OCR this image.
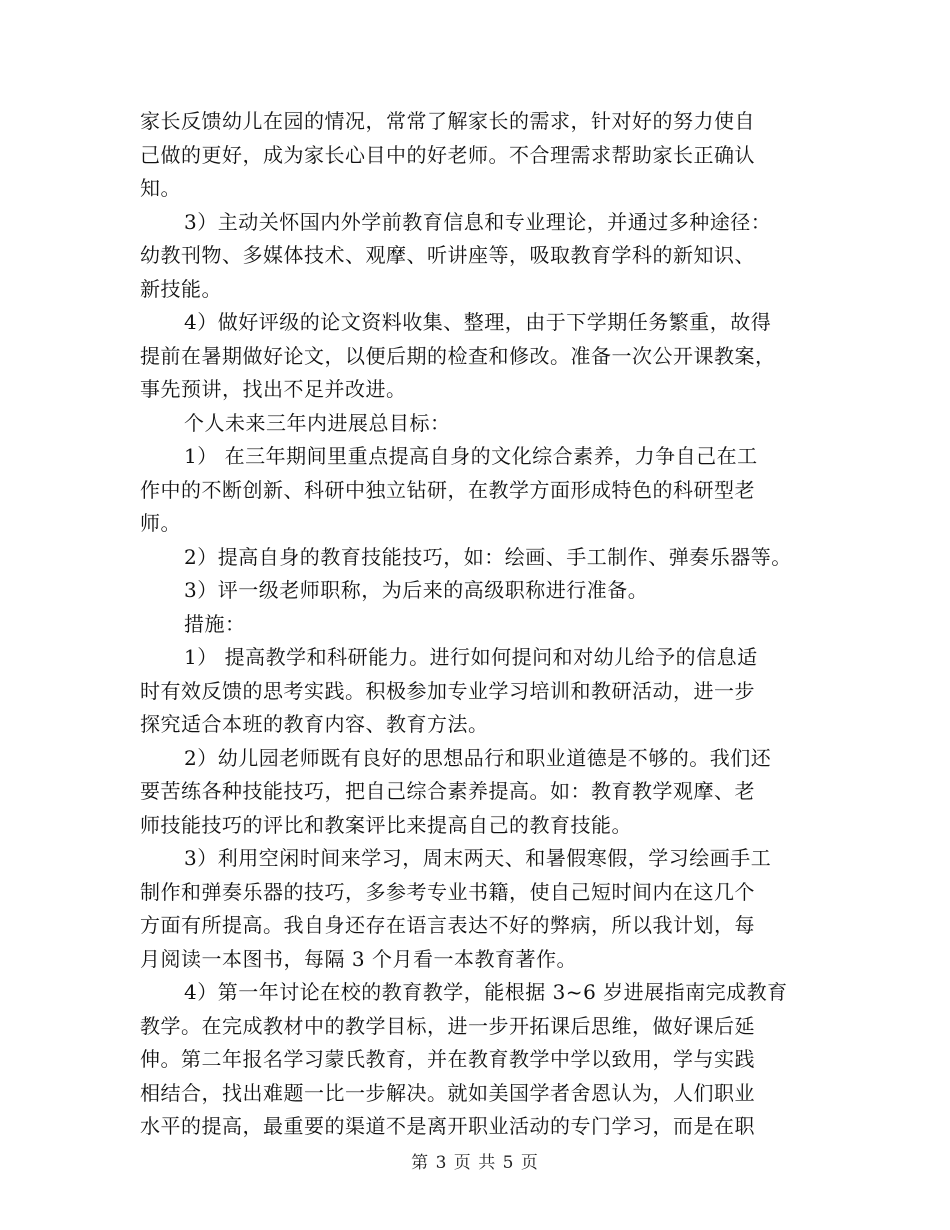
家长反馈幼儿在园的情况，常常了解家长的需求，针对好的努力使自
己做的更好，成为家长心目中的好老师。不合理需求帮助家长正确认
知。
3）主动关怀国内外学前教育信息和专业理论，并通过多种途径：
幼教刊物、多媒体技术、观摩、听讲座等，吸取教育学科的新知识、
新技能。
4）做好评级的论文资料收集、整理，由于下学期任务繁重，故得
提前在暑期做好论文，以便后期的检查和修改。准备一次公开课教案，
事先预讲，找出不足并改进。
个人未来三年内进展总目标：
1） 在三年期间里重点提高自身的文化综合素养，力争自己在工
作中的不断创新、科研中独立钻研，在教学方面形成特色的科研型老
师。
2）提高自身的教育技能技巧，如：绘画、手工制作、弹奏乐器等。
3）评一级老师职称，为后来的高级职称进行准备。
措施：
1） 提高教学和科研能力。进行如何提问和对幼儿给予的信息适
时有效反馈的思考实践。积极参加专业学习培训和教研活动，进一步
探究适合本班的教育内容、教育方法。
2）幼儿园老师既有良好的思想品行和职业道德是不够的。我们还
要苦练各种技能技巧，把自己综合素养提高。如：教育教学观摩、老
师技能技巧的评比和教案评比来提高自己的教育技能。
3）利用空闲时间来学习，周末两天、和暑假寒假，学习绘画手工
制作和弹奏乐器的技巧，多参考专业书籍，使自己短时间内在这几个
方面有所提高。我自身还存在语言表达不好的弊病，所以我计划，每
月阅读一本图书，每隔 3 个月看一本教育著作。
4）第一年讨论在校的教育教学，能根据 3~6 岁进展指南完成教育
教学。在完成教材中的教学目标，进一步开拓课后思维，做好课后延
伸。第二年报名学习蒙氏教育，并在教育教学中学以致用，学与实践
相结合，找出难题一比一步解决。就如美国学者舍恩认为，人们职业
水平的提高，最重要的渠道不是离开职业活动的专门学习，而是在职
第 3 页 共 5 页
